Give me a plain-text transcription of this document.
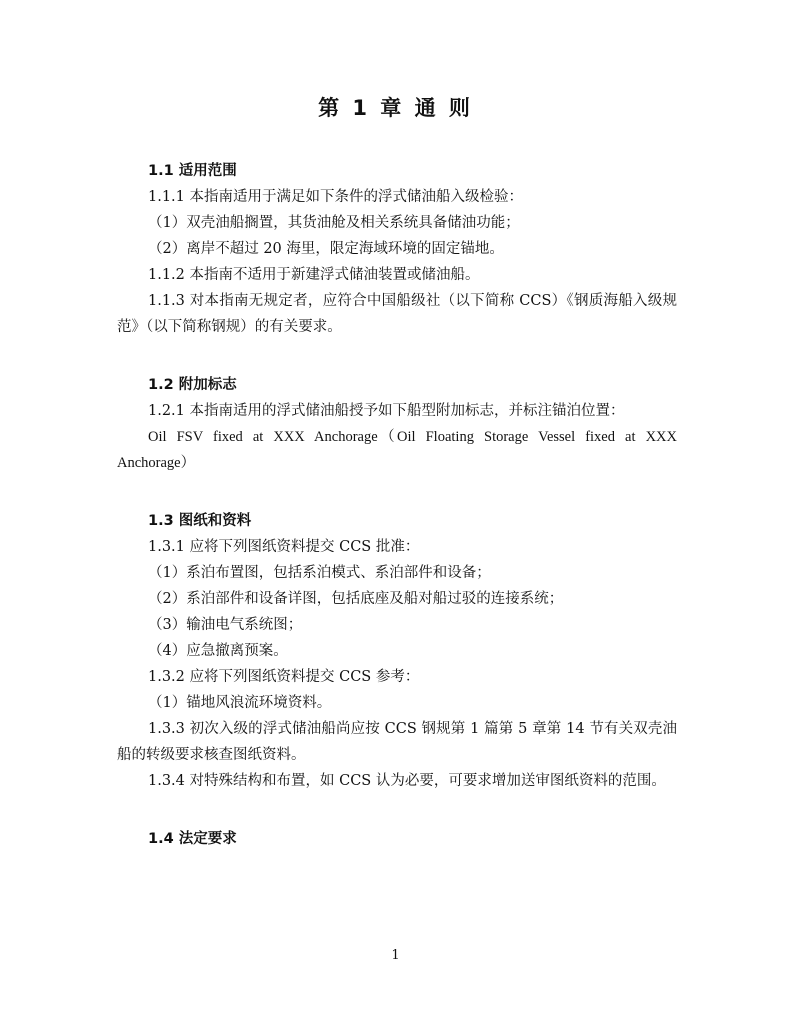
第 1 章 通 则
1.1 适用范围

1.1.1 本指南适用于满足如下条件的浮式储油船入级检验：

（1）双壳油船搁置，其货油舱及相关系统具备储油功能；

（2）离岸不超过 20 海里，限定海域环境的固定锚地。

1.1.2 本指南不适用于新建浮式储油装置或储油船。

1.1.3 对本指南无规定者，应符合中国船级社（以下简称 CCS）《钢质海船入级规范》（以下简称钢规）的有关要求。

1.2 附加标志

1.2.1 本指南适用的浮式储油船授予如下船型附加标志，并标注锚泊位置：

Oil FSV fixed at XXX Anchorage（Oil Floating Storage Vessel fixed at XXX Anchorage）

1.3 图纸和资料

1.3.1 应将下列图纸资料提交 CCS 批准：

（1）系泊布置图，包括系泊模式、系泊部件和设备；

（2）系泊部件和设备详图，包括底座及船对船过驳的连接系统；

（3）输油电气系统图；

（4）应急撤离预案。

1.3.2 应将下列图纸资料提交 CCS 参考：

（1）锚地风浪流环境资料。

1.3.3 初次入级的浮式储油船尚应按 CCS 钢规第 1 篇第 5 章第 14 节有关双壳油船的转级要求核查图纸资料。

1.3.4 对特殊结构和布置，如 CCS 认为必要，可要求增加送审图纸资料的范围。

1.4 法定要求
1
